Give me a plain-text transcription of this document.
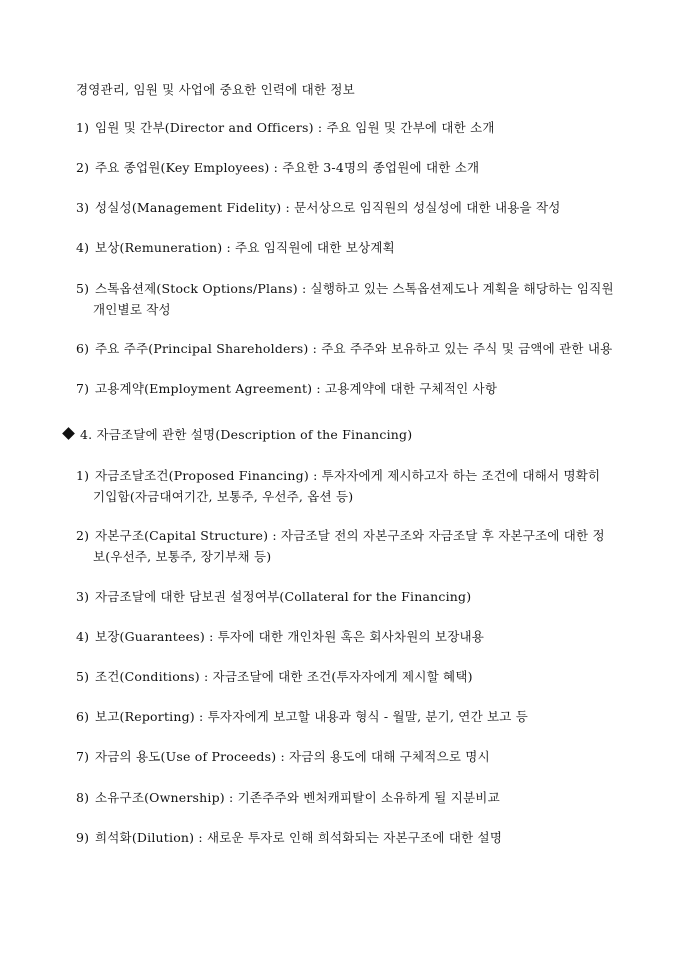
경영관리, 임원 및 사업에 중요한 인력에 대한 정보
1) 임원 및 간부(Director and Officers) : 주요 임원 및 간부에 대한 소개
2) 주요 종업원(Key Employees) : 주요한 3-4명의 종업원에 대한 소개
3) 성실성(Management Fidelity) : 문서상으로 임직원의 성실성에 대한 내용을 작성
4) 보상(Remuneration) : 주요 임직원에 대한 보상계획
5) 스톡옵션제(Stock Options/Plans) : 실행하고 있는 스톡옵션제도나 계획을 해당하는 임직원
개인별로 작성
6) 주요 주주(Principal Shareholders) : 주요 주주와 보유하고 있는 주식 및 금액에 관한 내용
7) 고용계약(Employment Agreement) : 고용계약에 대한 구체적인 사항
4. 자금조달에 관한 설명(Description of the Financing)
1) 자금조달조건(Proposed Financing) : 투자자에게 제시하고자 하는 조건에 대해서 명확히
기입함(자금대여기간, 보통주, 우선주, 옵션 등)
2) 자본구조(Capital Structure) : 자금조달 전의 자본구조와 자금조달 후 자본구조에 대한 정
보(우선주, 보통주, 장기부채 등)
3) 자금조달에 대한 담보권 설정여부(Collateral for the Financing)
4) 보장(Guarantees) : 투자에 대한 개인차원 혹은 회사차원의 보장내용
5) 조건(Conditions) : 자금조달에 대한 조건(투자자에게 제시할 혜택)
6) 보고(Reporting) : 투자자에게 보고할 내용과 형식 - 월말, 분기, 연간 보고 등
7) 자금의 용도(Use of Proceeds) : 자금의 용도에 대해 구체적으로 명시
8) 소유구조(Ownership) : 기존주주와 벤처캐피탈이 소유하게 될 지분비교
9) 희석화(Dilution) : 새로운 투자로 인해 희석화되는 자본구조에 대한 설명
